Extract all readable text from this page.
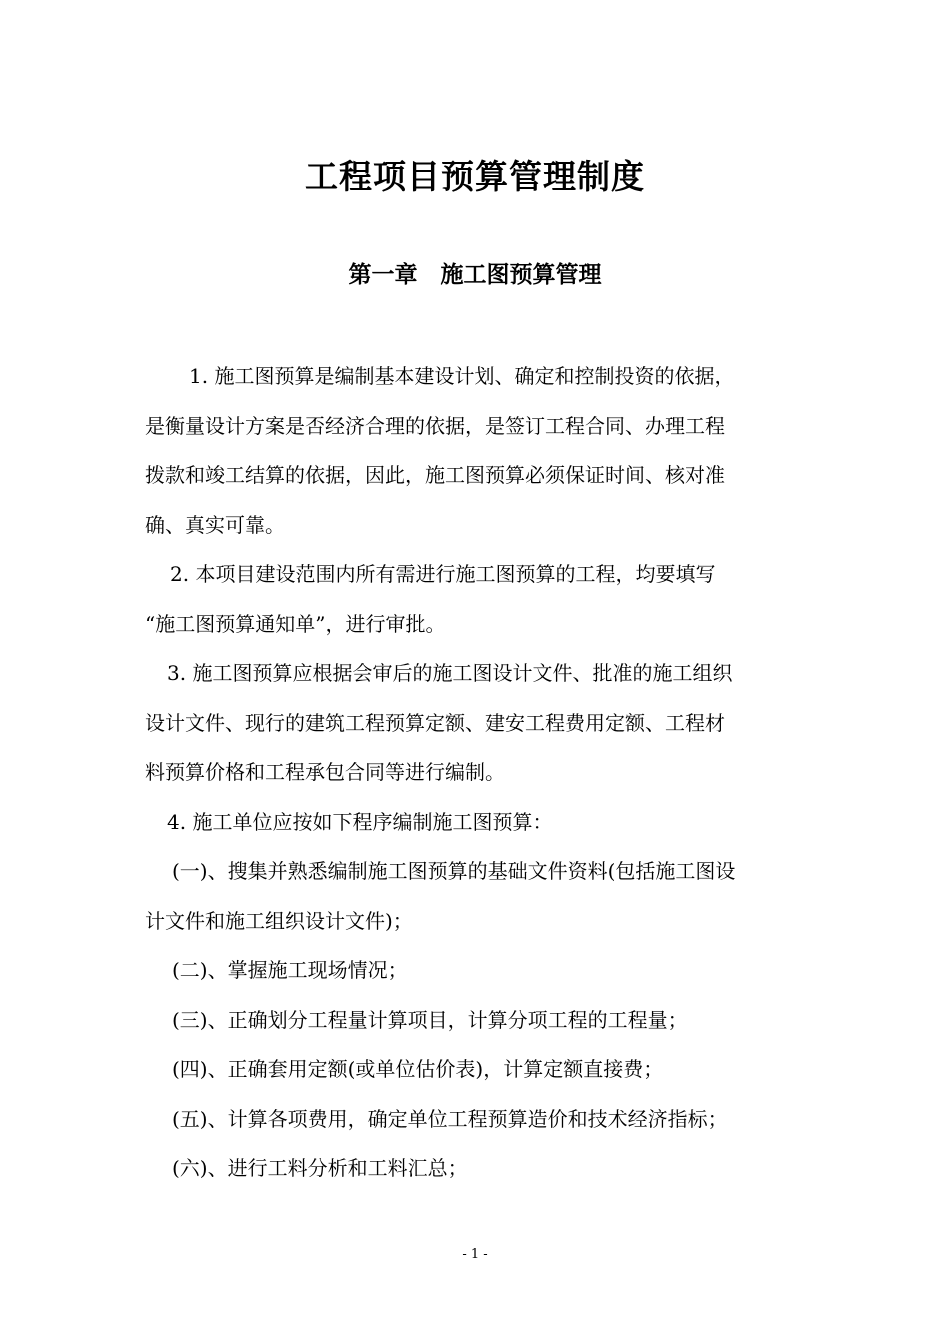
工程项目预算管理制度
第一章　施工图预算管理
1. 施工图预算是编制基本建设计划、确定和控制投资的依据，
是衡量设计方案是否经济合理的依据，是签订工程合同、办理工程
拨款和竣工结算的依据，因此，施工图预算必须保证时间、核对准
确、真实可靠。
2. 本项目建设范围内所有需进行施工图预算的工程，均要填写
“施工图预算通知单”，进行审批。
3. 施工图预算应根据会审后的施工图设计文件、批准的施工组织
设计文件、现行的建筑工程预算定额、建安工程费用定额、工程材
料预算价格和工程承包合同等进行编制。
4. 施工单位应按如下程序编制施工图预算：
(一)、搜集并熟悉编制施工图预算的基础文件资料(包括施工图设
计文件和施工组织设计文件)；
(二)、掌握施工现场情况；
(三)、正确划分工程量计算项目，计算分项工程的工程量；
(四)、正确套用定额(或单位估价表)，计算定额直接费；
(五)、计算各项费用，确定单位工程预算造价和技术经济指标；
(六)、进行工料分析和工料汇总；
- 1 -
